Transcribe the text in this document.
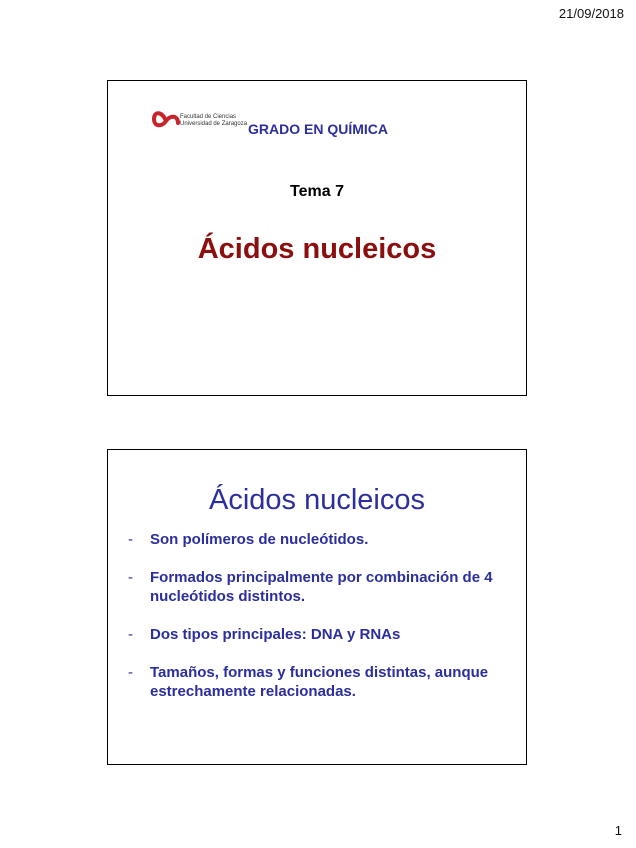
21/09/2018
Facultad de Ciencias
Universidad de Zaragoza GRADO EN QUÍMICA
Tema 7
Ácidos nucleicos
Ácidos nucleicos
-	Son polímeros de nucleótidos.
-	Formados principalmente por combinación de 4 nucleótidos distintos.
-	Dos tipos principales: DNA y RNAs
-	Tamaños, formas y funciones distintas, aunque estrechamente relacionadas.
1
